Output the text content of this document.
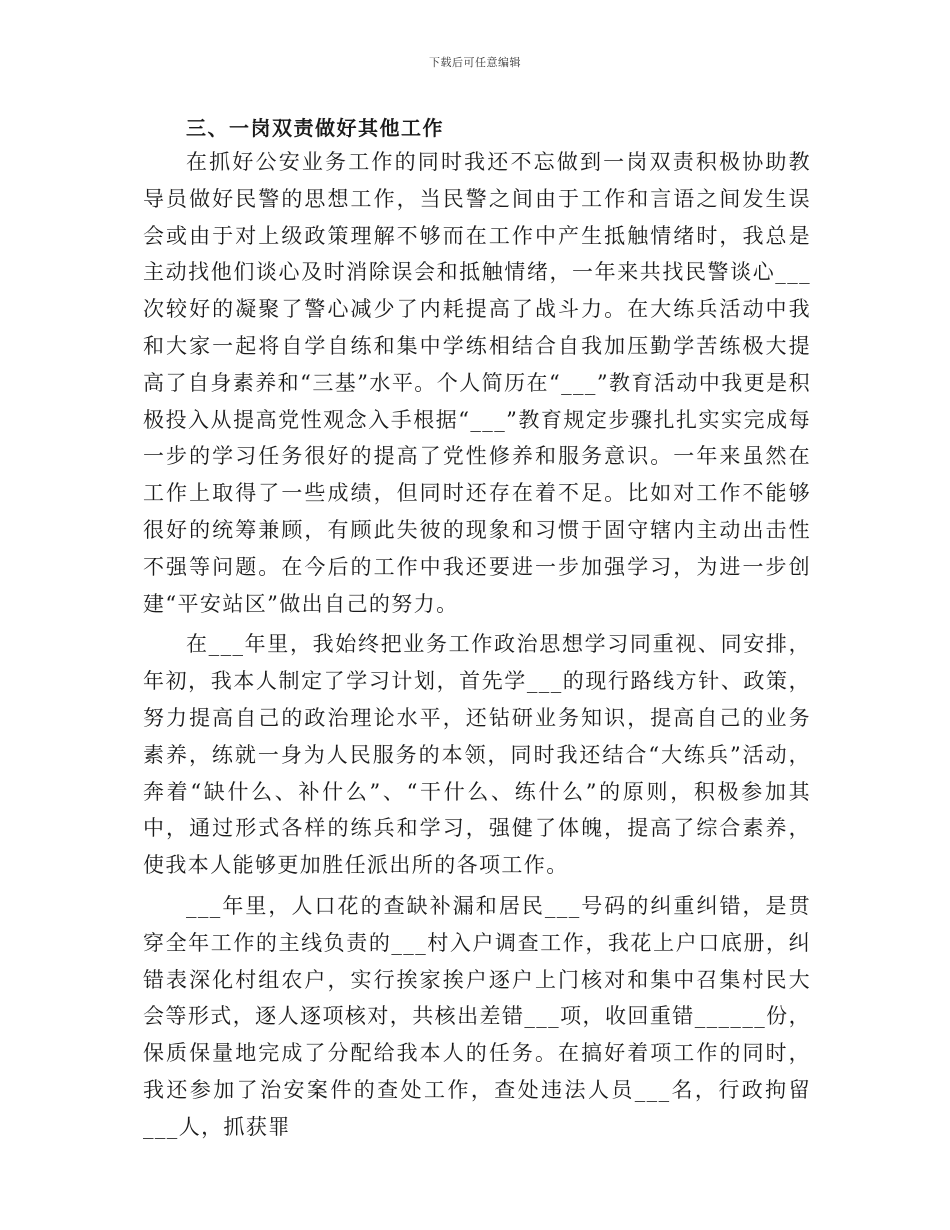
下载后可任意编辑
三、一岗双责做好其他工作

在抓好公安业务工作的同时我还不忘做到一岗双责积极协助教导员做好民警的思想工作，当民警之间由于工作和言语之间发生误会或由于对上级政策理解不够而在工作中产生抵触情绪时，我总是主动找他们谈心及时消除误会和抵触情绪，一年来共找民警谈心___次较好的凝聚了警心减少了内耗提高了战斗力。在大练兵活动中我和大家一起将自学自练和集中学练相结合自我加压勤学苦练极大提高了自身素养和“三基”水平。个人简历在“___”教育活动中我更是积极投入从提高党性观念入手根据“___”教育规定步骤扎扎实实完成每一步的学习任务很好的提高了党性修养和服务意识。一年来虽然在工作上取得了一些成绩，但同时还存在着不足。比如对工作不能够很好的统筹兼顾，有顾此失彼的现象和习惯于固守辖内主动出击性不强等问题。在今后的工作中我还要进一步加强学习，为进一步创建“平安站区”做出自己的努力。

在___年里，我始终把业务工作政治思想学习同重视、同安排，年初，我本人制定了学习计划，首先学___的现行路线方针、政策，努力提高自己的政治理论水平，还钻研业务知识，提高自己的业务素养，练就一身为人民服务的本领，同时我还结合“大练兵”活动，奔着“缺什么、补什么”、“干什么、练什么”的原则，积极参加其中，通过形式各样的练兵和学习，强健了体魄，提高了综合素养，使我本人能够更加胜任派出所的各项工作。

___年里，人口花的查缺补漏和居民___号码的纠重纠错，是贯穿全年工作的主线负责的___村入户调查工作，我花上户口底册，纠错表深化村组农户，实行挨家挨户逐户上门核对和集中召集村民大会等形式，逐人逐项核对，共核出差错___项，收回重错______份，保质保量地完成了分配给我本人的任务。在搞好着项工作的同时，我还参加了治安案件的查处工作，查处违法人员___名，行政拘留___人，抓获罪
